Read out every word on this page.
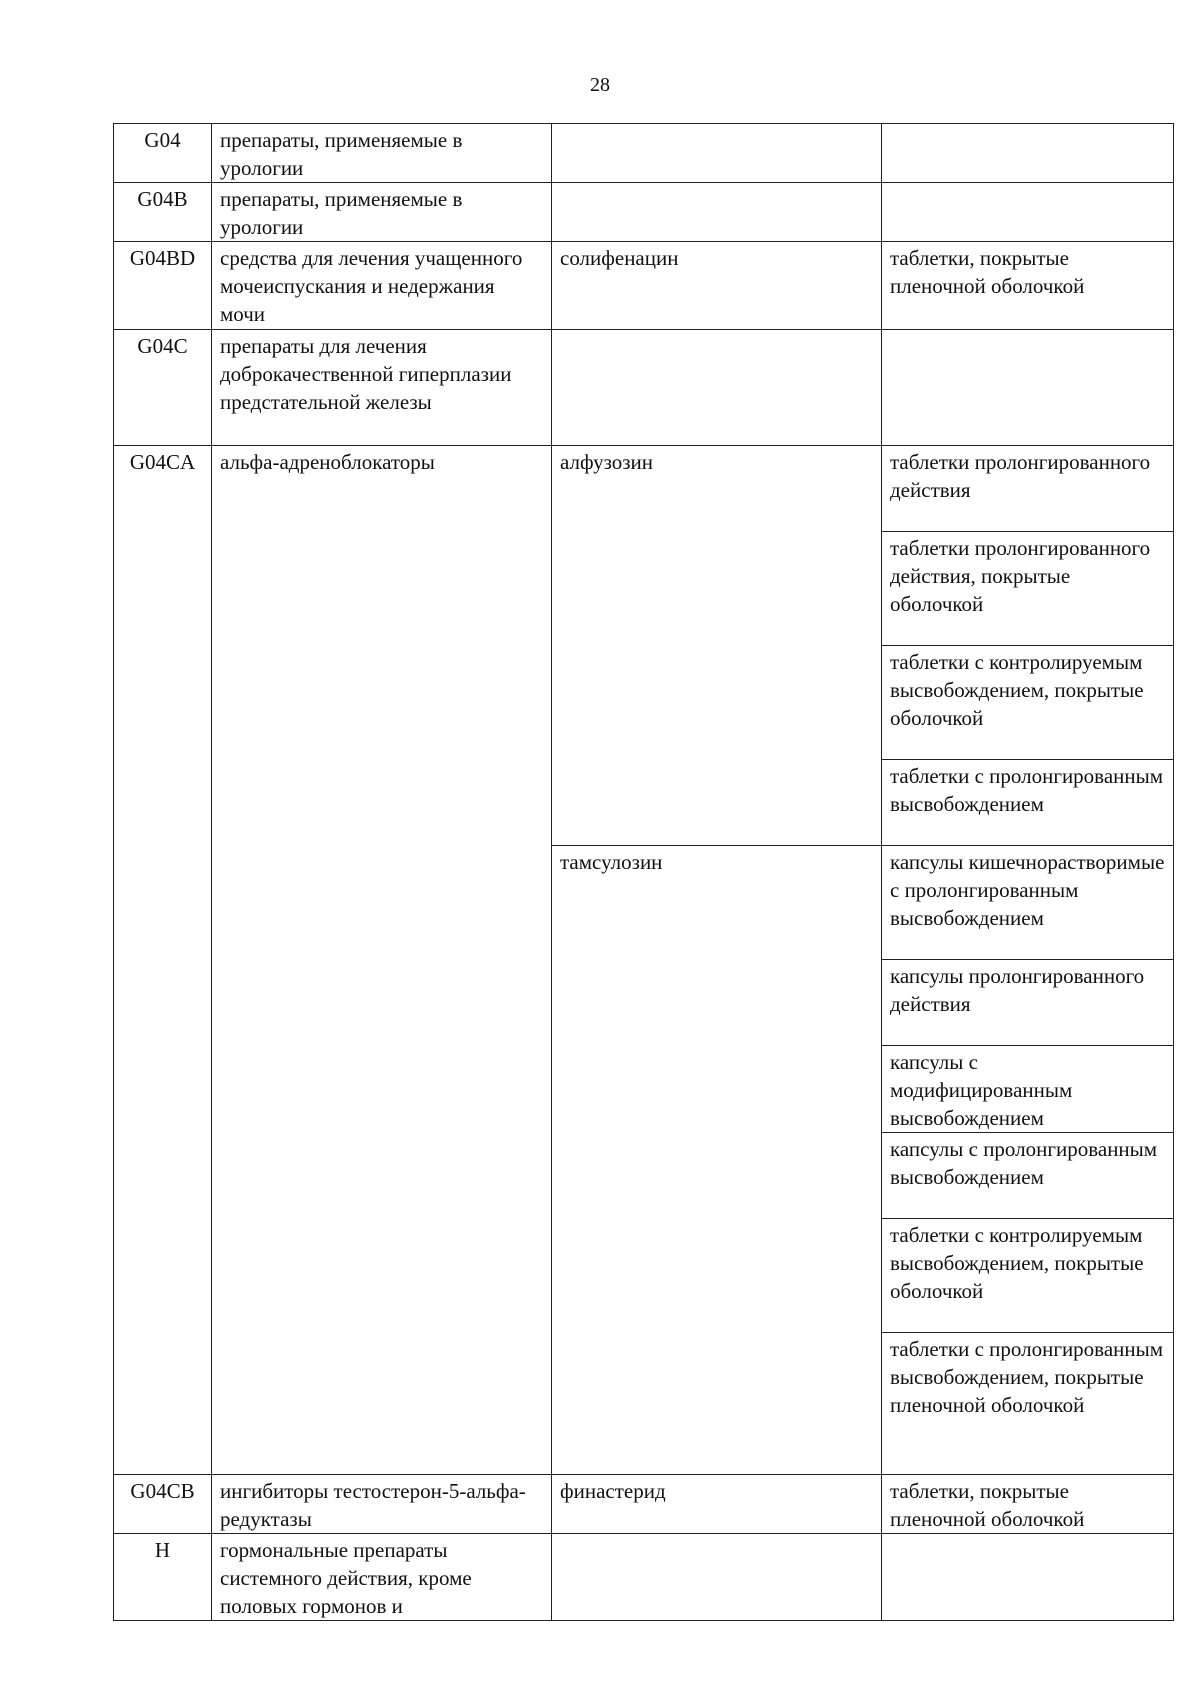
28
G04	препараты, применяемые в урологии		
G04B	препараты, применяемые в урологии		
G04BD	средства для лечения учащенного мочеиспускания и недержания мочи	солифенацин	таблетки, покрытые пленочной оболочкой
G04C	препараты для лечения доброкачественной гиперплазии предстательной железы		
G04CA	альфа-адреноблокаторы	алфузозин	таблетки пролонгированного действия
			таблетки пролонгированного действия, покрытые оболочкой
			таблетки с контролируемым высвобождением, покрытые оболочкой
			таблетки с пролонгированным высвобождением
		тамсулозин	капсулы кишечнорастворимые с пролонгированным высвобождением
			капсулы пролонгированного действия
			капсулы с модифицированным высвобождением
			капсулы с пролонгированным высвобождением
			таблетки с контролируемым высвобождением, покрытые оболочкой
			таблетки с пролонгированным высвобождением, покрытые пленочной оболочкой
G04CB	ингибиторы тестостерон-5-альфа-редуктазы	финастерид	таблетки, покрытые пленочной оболочкой
H	гормональные препараты системного действия, кроме половых гормонов и		
